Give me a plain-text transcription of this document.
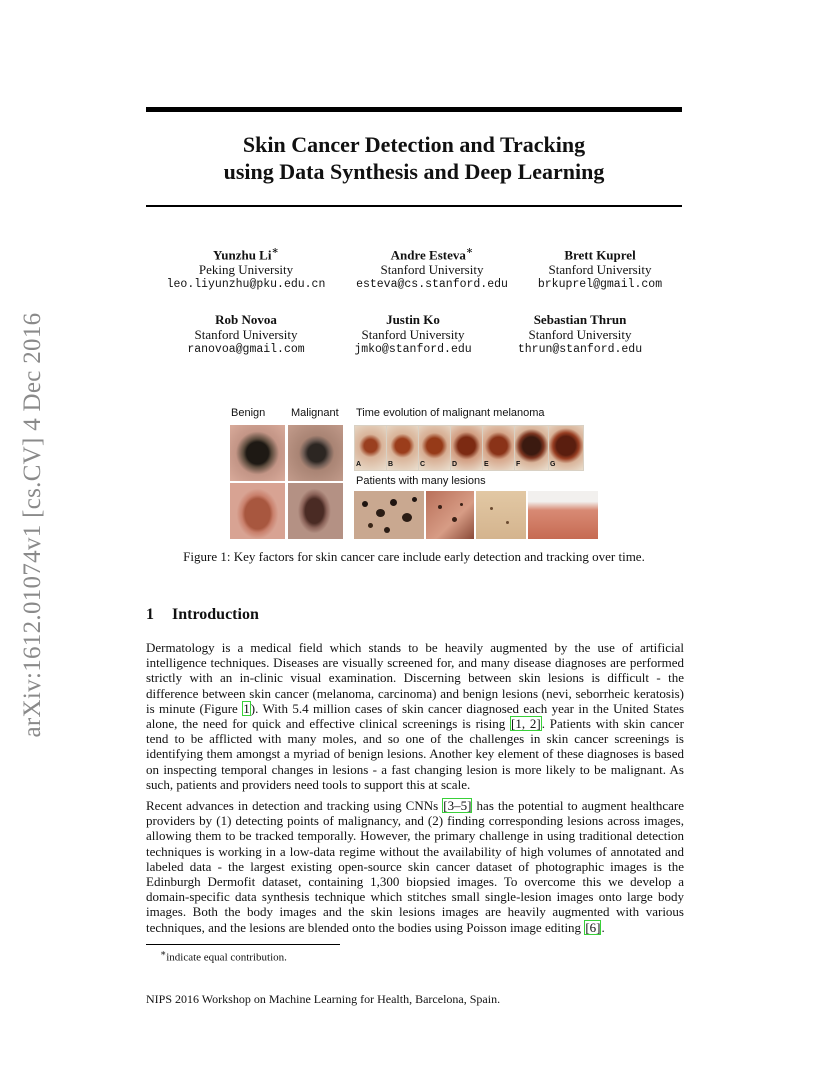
arXiv:1612.01074v1 [cs.CV] 4 Dec 2016
Skin Cancer Detection and Tracking
using Data Synthesis and Deep Learning
Yunzhu Li∗
Peking University
leo.liyunzhu@pku.edu.cn
Andre Esteva∗
Stanford University
esteva@cs.stanford.edu
Brett Kuprel
Stanford University
brkuprel@gmail.com
Rob Novoa
Stanford University
ranovoa@gmail.com
Justin Ko
Stanford University
jmko@stanford.edu
Sebastian Thrun
Stanford University
thrun@stanford.edu
Benign Malignant Time evolution of malignant melanoma
A	B	C	D	E	F	G
Patients with many lesions
Figure 1: Key factors for skin cancer care include early detection and tracking over time.
1 Introduction

Dermatology is a medical field which stands to be heavily augmented by the use of artificial intelligence techniques. Diseases are visually screened for, and many disease diagnoses are performed strictly with an in-clinic visual examination. Discerning between skin lesions is difficult - the difference between skin cancer (melanoma, carcinoma) and benign lesions (nevi, seborrheic keratosis) is minute (Figure 1). With 5.4 million cases of skin cancer diagnosed each year in the United States alone, the need for quick and effective clinical screenings is rising [1, 2]. Patients with skin cancer tend to be afflicted with many moles, and so one of the challenges in skin cancer screenings is identifying them amongst a myriad of benign lesions. Another key element of these diagnoses is based on inspecting temporal changes in lesions - a fast changing lesion is more likely to be malignant. As such, patients and providers need tools to support this at scale.

Recent advances in detection and tracking using CNNs [3–5] has the potential to augment healthcare providers by (1) detecting points of malignancy, and (2) finding corresponding lesions across images, allowing them to be tracked temporally. However, the primary challenge in using traditional detection techniques is working in a low-data regime without the availability of high volumes of annotated and labeled data - the largest existing open-source skin cancer dataset of photographic images is the Edinburgh Dermofit dataset, containing 1,300 biopsied images. To overcome this we develop a domain-specific data synthesis technique which stitches small single-lesion images onto large body images. Both the body images and the skin lesions images are heavily augmented with various techniques, and the lesions are blended onto the bodies using Poisson image editing [6].

∗indicate equal contribution.
NIPS 2016 Workshop on Machine Learning for Health, Barcelona, Spain.
